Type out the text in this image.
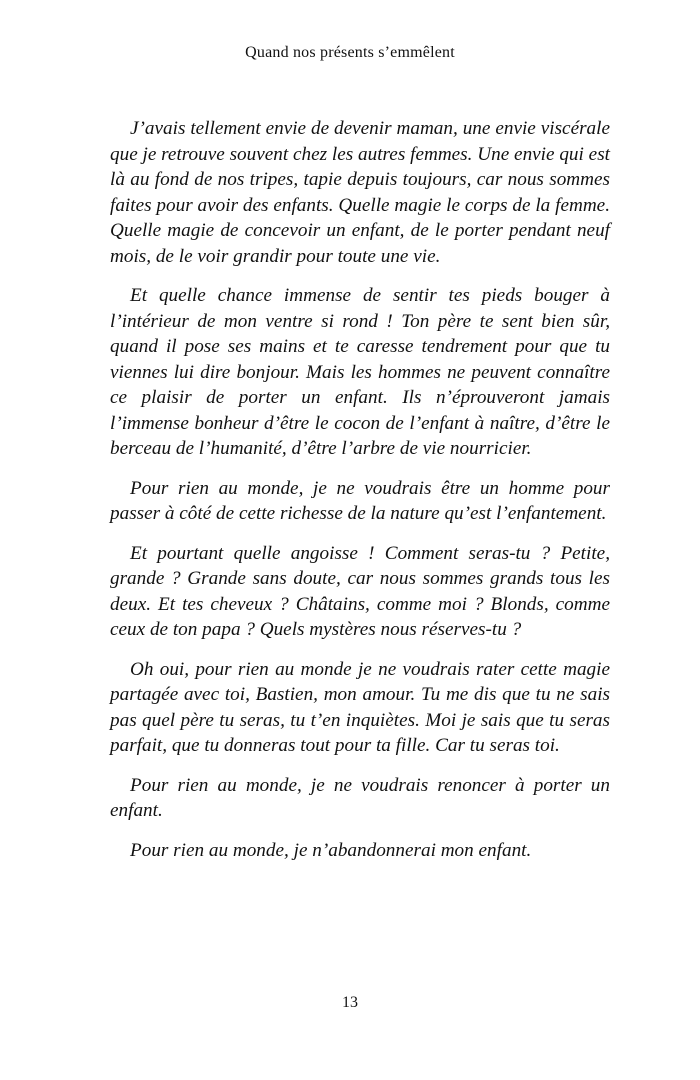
Quand nos présents s’emmêlent

J’avais tellement envie de devenir maman, une envie viscérale que je retrouve souvent chez les autres femmes. Une envie qui est là au fond de nos tripes, tapie depuis toujours, car nous sommes faites pour avoir des enfants. Quelle magie le corps de la femme. Quelle magie de concevoir un enfant, de le porter pendant neuf mois, de le voir grandir pour toute une vie.

Et quelle chance immense de sentir tes pieds bouger à l’intérieur de mon ventre si rond ! Ton père te sent bien sûr, quand il pose ses mains et te caresse tendrement pour que tu viennes lui dire bonjour. Mais les hommes ne peuvent connaître ce plaisir de porter un enfant. Ils n’éprouveront jamais l’immense bonheur d’être le cocon de l’enfant à naître, d’être le berceau de l’humanité, d’être l’arbre de vie nourricier.

Pour rien au monde, je ne voudrais être un homme pour passer à côté de cette richesse de la nature qu’est l’enfantement.

Et pourtant quelle angoisse ! Comment seras-tu ? Petite, grande ? Grande sans doute, car nous sommes grands tous les deux. Et tes cheveux ? Châtains, comme moi ? Blonds, comme ceux de ton papa ? Quels mystères nous réserves-tu ?

Oh oui, pour rien au monde je ne voudrais rater cette magie partagée avec toi, Bastien, mon amour. Tu me dis que tu ne sais pas quel père tu seras, tu t’en inquiètes. Moi je sais que tu seras parfait, que tu donneras tout pour ta fille. Car tu seras toi.

Pour rien au monde, je ne voudrais renoncer à porter un enfant.

Pour rien au monde, je n’abandonnerai mon enfant.

13
